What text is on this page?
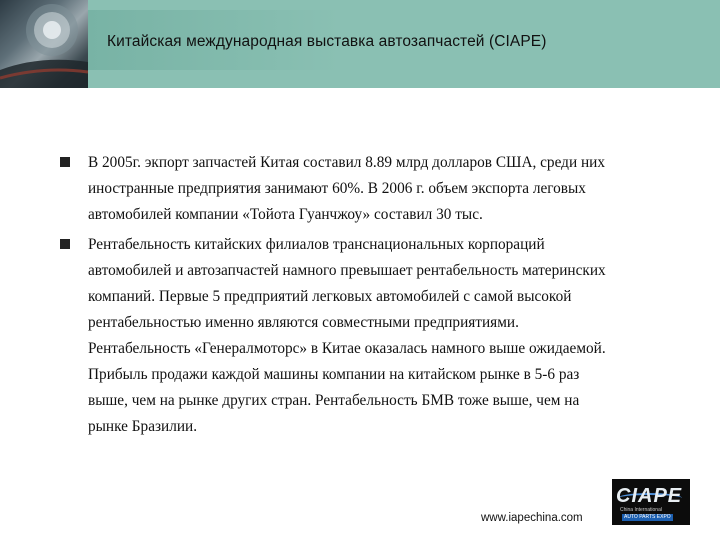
Китайская международная выставка автозапчастей (CIAPE)
В 2005г. экпорт запчастей Китая составил 8.89 млрд долларов США, среди них иностранные предприятия занимают 60%. В 2006 г. объем экспорта леговых автомобилей компании «Тойота Гуанчжоу» составил 30 тыс.
Рентабельность китайских филиалов транснациональных корпораций автомобилей и автозапчастей намного превышает рентабельность материнских компаний. Первые 5 предприятий легковых автомобилей с самой высокой рентабельностью именно являются совместными предприятиями. Рентабельность «Генералмоторс» в Китае оказалась намного выше ожидаемой. Прибыль продажи каждой машины компании на китайском рынке в 5-6 раз выше, чем на рынке других стран. Рентабельность БМВ тоже выше, чем на рынке Бразилии.
CIAPE
China International
AUTO PARTS EXPO
www.iapechina.com
